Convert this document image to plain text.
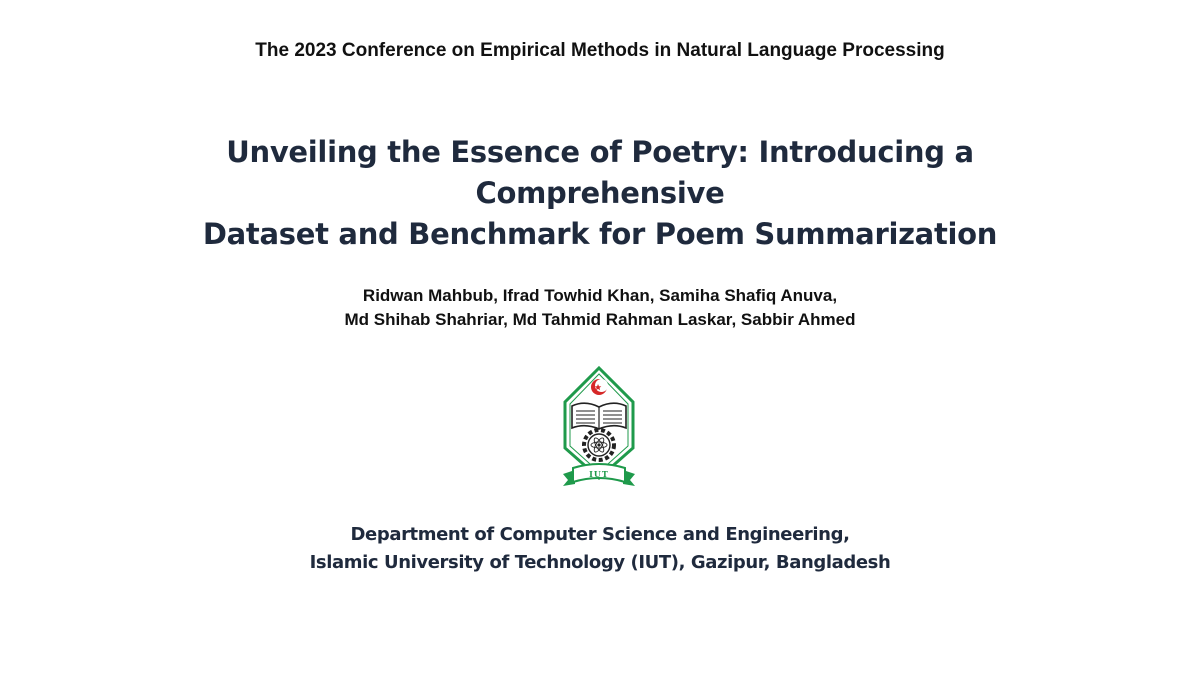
The 2023 Conference on Empirical Methods in Natural Language Processing
Unveiling the Essence of Poetry: Introducing a Comprehensive
Dataset and Benchmark for Poem Summarization
Ridwan Mahbub, Ifrad Towhid Khan, Samiha Shafiq Anuva,
Md Shihab Shahriar, Md Tahmid Rahman Laskar, Sabbir Ahmed
IUT
Department of Computer Science and Engineering,
Islamic University of Technology (IUT), Gazipur, Bangladesh
